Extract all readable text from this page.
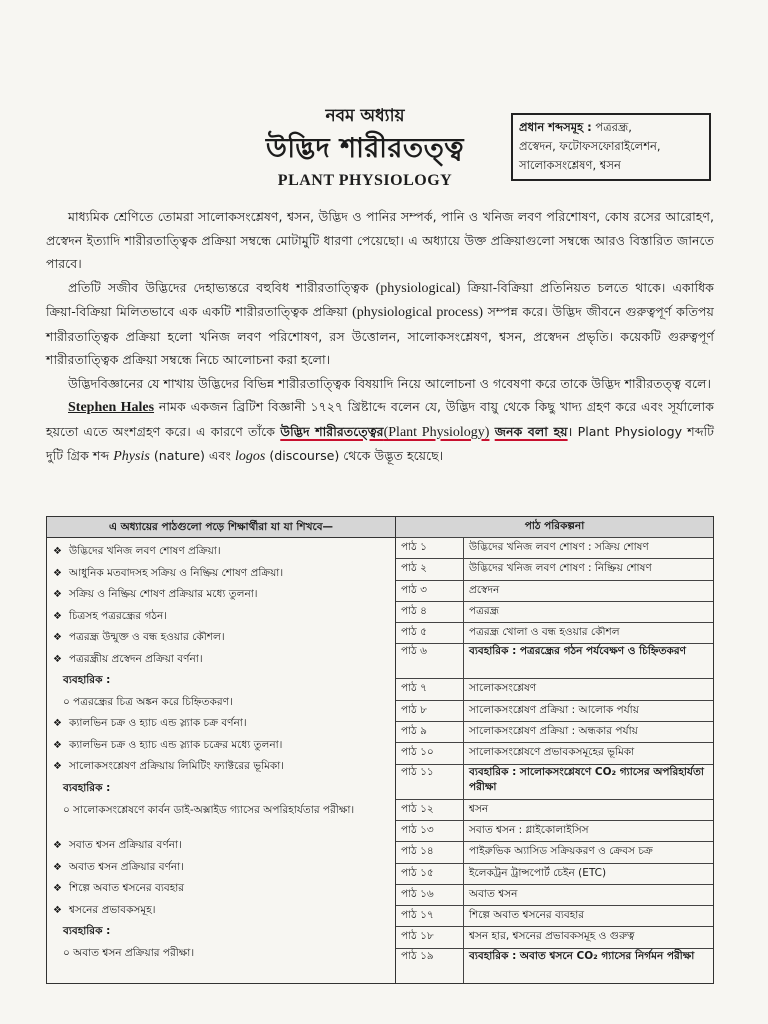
নবম অধ্যায়
উদ্ভিদ শারীরতত্ত্ব
PLANT PHYSIOLOGY
প্রধান শব্দসমূহ : পত্ররন্ধ্র,
প্রস্বেদন, ফটোফসফোরাইলেশন,
সালোকসংশ্লেষণ, শ্বসন

মাধ্যমিক শ্রেণিতে তোমরা সালোকসংশ্লেষণ, শ্বসন, উদ্ভিদ ও পানির সম্পর্ক, পানি ও খনিজ লবণ পরিশোষণ, কোষ রসের আরোহণ, প্রস্বেদন ইত্যাদি শারীরতাত্ত্বিক প্রক্রিয়া সম্বন্ধে মোটামুটি ধারণা পেয়েছো। এ অধ্যায়ে উক্ত প্রক্রিয়াগুলো সম্বন্ধে আরও বিস্তারিত জানতে পারবে।

প্রতিটি সজীব উদ্ভিদের দেহাভ্যন্তরে বহুবিধ শারীরতাত্ত্বিক (physiological) ক্রিয়া-বিক্রিয়া প্রতিনিয়ত চলতে থাকে। একাধিক ক্রিয়া-বিক্রিয়া মিলিতভাবে এক একটি শারীরতাত্ত্বিক প্রক্রিয়া (physiological process) সম্পন্ন করে। উদ্ভিদ জীবনে গুরুত্বপূর্ণ কতিপয় শারীরতাত্ত্বিক প্রক্রিয়া হলো খনিজ লবণ পরিশোষণ, রস উত্তোলন, সালোকসংশ্লেষণ, শ্বসন, প্রস্বেদন প্রভৃতি। কয়েকটি গুরুত্বপূর্ণ শারীরতাত্ত্বিক প্রক্রিয়া সম্বন্ধে নিচে আলোচনা করা হলো।

উদ্ভিদবিজ্ঞানের যে শাখায় উদ্ভিদের বিভিন্ন শারীরতাত্ত্বিক বিষয়াদি নিয়ে আলোচনা ও গবেষণা করে তাকে উদ্ভিদ শারীরতত্ত্ব বলে।

Stephen Hales নামক একজন ব্রিটিশ বিজ্ঞানী ১৭২৭ খ্রিষ্টাব্দে বলেন যে, উদ্ভিদ বায়ু থেকে কিছু খাদ্য গ্রহণ করে এবং সূর্যালোক হয়তো এতে অংশগ্রহণ করে। এ কারণে তাঁকে উদ্ভিদ শারীরতত্ত্বের(Plant Physiology) জনক বলা হয়। Plant Physiology শব্দটি দুটি গ্রিক শব্দ Physis (nature) এবং logos (discourse) থেকে উদ্ভূত হয়েছে।

এ অধ্যায়ের পাঠগুলো পড়ে শিক্ষার্থীরা যা যা শিখবে—
❖ উদ্ভিদের খনিজ লবণ শোষণ প্রক্রিয়া।
❖ আধুনিক মতবাদসহ সক্রিয় ও নিষ্ক্রিয় শোষণ প্রক্রিয়া।
❖ সক্রিয় ও নিষ্ক্রিয় শোষণ প্রক্রিয়ার মধ্যে তুলনা।
❖ চিত্রসহ পত্ররন্ধ্রের গঠন।
❖ পত্ররন্ধ্র উন্মুক্ত ও বন্ধ হওয়ার কৌশল।
❖ পত্ররন্ধ্রীয় প্রস্বেদন প্রক্রিয়া বর্ণনা।
ব্যবহারিক :
০ পত্ররন্ধ্রের চিত্র অঙ্কন করে চিহ্নিতকরণ।
❖ ক্যালভিন চক্র ও হ্যাচ এন্ড স্ল্যাক চক্র বর্ণনা।
❖ ক্যালভিন চক্র ও হ্যাচ এন্ড স্ল্যাক চক্রের মধ্যে তুলনা।
❖ সালোকসংশ্লেষণ প্রক্রিয়ায় লিমিটিং ফ্যাক্টরের ভূমিকা।
ব্যবহারিক :
০ সালোকসংশ্লেষণে কার্বন ডাই-অক্সাইড গ্যাসের অপরিহার্যতার পরীক্ষা।
❖ সবাত শ্বসন প্রক্রিয়ার বর্ণনা।
❖ অবাত শ্বসন প্রক্রিয়ার বর্ণনা।
❖ শিল্পে অবাত শ্বসনের ব্যবহার
❖ শ্বসনের প্রভাবকসমূহ।
ব্যবহারিক :
০ অবাত শ্বসন প্রক্রিয়ার পরীক্ষা।

পাঠ পরিকল্পনা
পাঠ ১	উদ্ভিদের খনিজ লবণ শোষণ : সক্রিয় শোষণ
পাঠ ২	উদ্ভিদের খনিজ লবণ শোষণ : নিষ্ক্রিয় শোষণ
পাঠ ৩	প্রস্বেদন
পাঠ ৪	পত্ররন্ধ্র
পাঠ ৫	পত্ররন্ধ্র খোলা ও বন্ধ হওয়ার কৌশল
পাঠ ৬	ব্যবহারিক : পত্ররন্ধ্রের গঠন পর্যবেক্ষণ ও চিহ্নিতকরণ
পাঠ ৭	সালোকসংশ্লেষণ
পাঠ ৮	সালোকসংশ্লেষণ প্রক্রিয়া : আলোক পর্যায়
পাঠ ৯	সালোকসংশ্লেষণ প্রক্রিয়া : অন্ধকার পর্যায়
পাঠ ১০	সালোকসংশ্লেষণে প্রভাবকসমূহের ভূমিকা
পাঠ ১১	ব্যবহারিক : সালোকসংশ্লেষণে CO₂ গ্যাসের অপরিহার্যতা পরীক্ষা
পাঠ ১২	শ্বসন
পাঠ ১৩	সবাত শ্বসন : গ্লাইকোলাইসিস
পাঠ ১৪	পাইরুভিক অ্যাসিড সক্রিয়করণ ও ক্রেবস চক্র
পাঠ ১৫	ইলেকট্রন ট্রান্সপোর্ট চেইন (ETC)
পাঠ ১৬	অবাত শ্বসন
পাঠ ১৭	শিল্পে অবাত শ্বসনের ব্যবহার
পাঠ ১৮	শ্বসন হার, শ্বসনের প্রভাবকসমূহ ও গুরুত্ব
পাঠ ১৯	ব্যবহারিক : অবাত শ্বসনে CO₂ গ্যাসের নির্গমন পরীক্ষা
